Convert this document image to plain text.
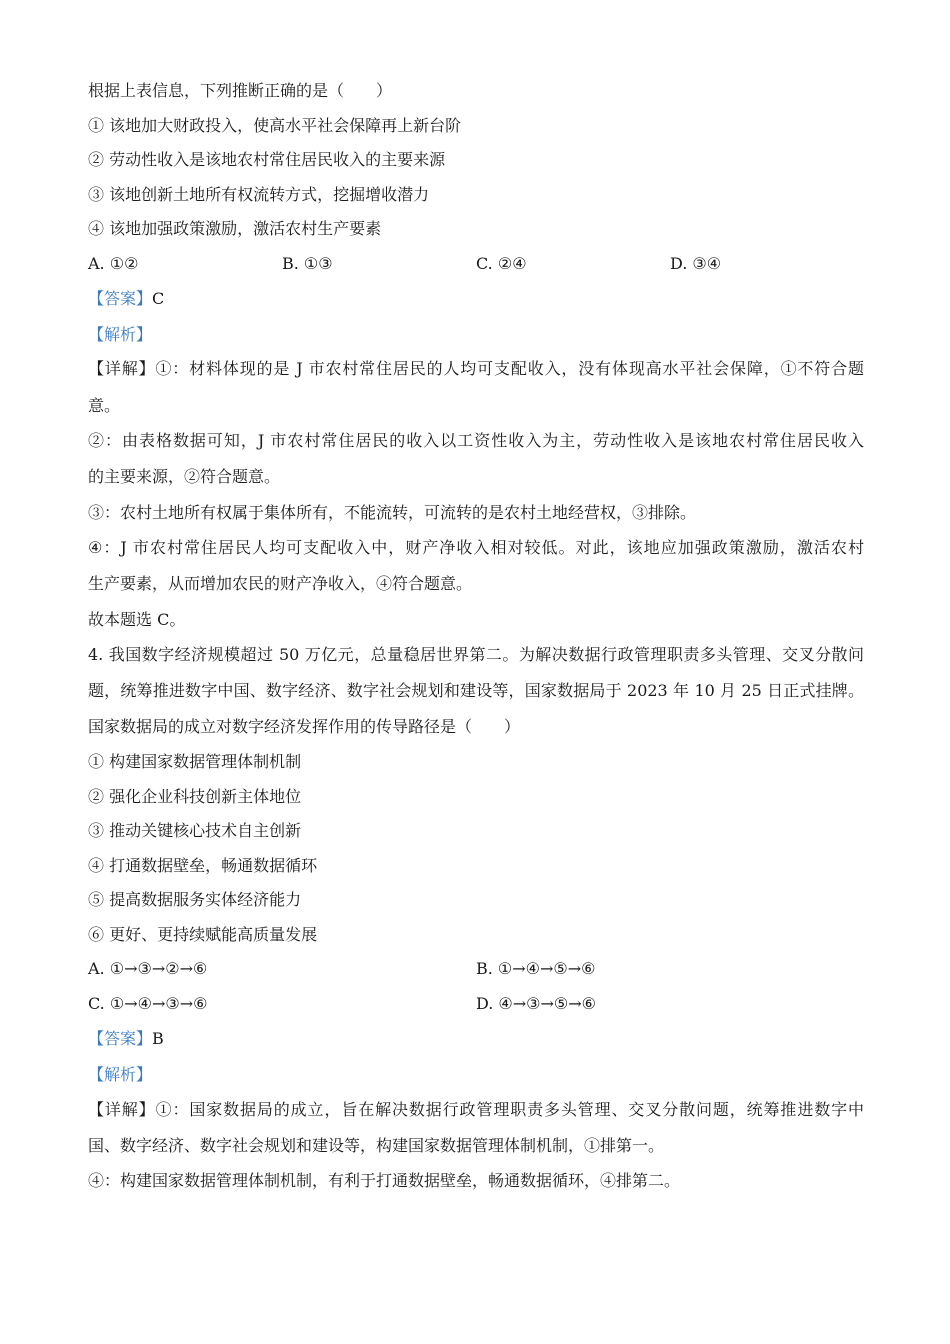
根据上表信息，下列推断正确的是（　　）
① 该地加大财政投入，使高水平社会保障再上新台阶
② 劳动性收入是该地农村常住居民收入的主要来源
③ 该地创新土地所有权流转方式，挖掘增收潜力
④ 该地加强政策激励，激活农村生产要素
A. ①②	B. ①③	C. ②④	D. ③④
【答案】C
【解析】
【详解】①：材料体现的是 J 市农村常住居民的人均可支配收入，没有体现高水平社会保障，①不符合题
意。
②：由表格数据可知，J 市农村常住居民的收入以工资性收入为主，劳动性收入是该地农村常住居民收入
的主要来源，②符合题意。
③：农村土地所有权属于集体所有，不能流转，可流转的是农村土地经营权，③排除。
④：J 市农村常住居民人均可支配收入中，财产净收入相对较低。对此，该地应加强政策激励，激活农村
生产要素，从而增加农民的财产净收入，④符合题意。
故本题选 C。
4. 我国数字经济规模超过 50 万亿元，总量稳居世界第二。为解决数据行政管理职责多头管理、交叉分散问
题，统筹推进数字中国、数字经济、数字社会规划和建设等，国家数据局于 2023 年 10 月 25 日正式挂牌。
国家数据局的成立对数字经济发挥作用的传导路径是（　　）
① 构建国家数据管理体制机制
② 强化企业科技创新主体地位
③ 推动关键核心技术自主创新
④ 打通数据壁垒，畅通数据循环
⑤ 提高数据服务实体经济能力
⑥ 更好、更持续赋能高质量发展
A. ①→③→②→⑥	B. ①→④→⑤→⑥
C. ①→④→③→⑥	D. ④→③→⑤→⑥
【答案】B
【解析】
【详解】①：国家数据局的成立，旨在解决数据行政管理职责多头管理、交叉分散问题，统筹推进数字中
国、数字经济、数字社会规划和建设等，构建国家数据管理体制机制，①排第一。
④：构建国家数据管理体制机制，有利于打通数据壁垒，畅通数据循环，④排第二。
